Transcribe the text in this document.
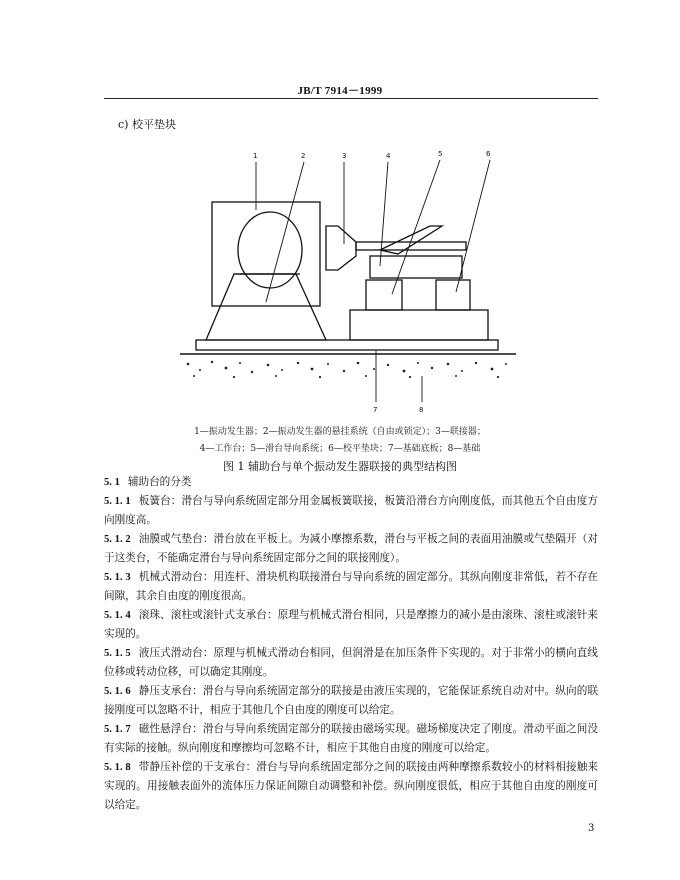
JB/T 7914－1999
c) 校平垫块
1	2	3	4	5	6
7	8
1—振动发生器；2—振动发生器的悬挂系统（自由或锁定）；3—联接器；
4—工作台；5—滑台导向系统；6—校平垫块；7—基础底板；8—基础
图 1 辅助台与单个振动发生器联接的典型结构图
5. 1 辅助台的分类
5. 1. 1 板簧台：滑台与导向系统固定部分用金属板簧联接，板簧沿滑台方向刚度低，而其他五个自由度方向刚度高。
5. 1. 2 油膜或气垫台：滑台放在平板上。为减小摩擦系数，滑台与平板之间的表面用油膜或气垫隔开（对于这类台，不能确定滑台与导向系统固定部分之间的联接刚度）。
5. 1. 3 机械式滑动台：用连杆、滑块机构联接滑台与导向系统的固定部分。其纵向刚度非常低，若不存在间隙，其余自由度的刚度很高。
5. 1. 4 滚珠、滚柱或滚针式支承台：原理与机械式滑台相同，只是摩擦力的减小是由滚珠、滚柱或滚针来实现的。
5. 1. 5 液压式滑动台：原理与机械式滑动台相同，但润滑是在加压条件下实现的。对于非常小的横向直线位移或转动位移，可以确定其刚度。
5. 1. 6 静压支承台：滑台与导向系统固定部分的联接是由液压实现的，它能保证系统自动对中。纵向的联接刚度可以忽略不计，相应于其他几个自由度的刚度可以给定。
5. 1. 7 磁性悬浮台：滑台与导向系统固定部分的联接由磁场实现。磁场梯度决定了刚度。滑动平面之间没有实际的接触。纵向刚度和摩擦均可忽略不计，相应于其他自由度的刚度可以给定。
5. 1. 8 带静压补偿的干支承台：滑台与导向系统固定部分之间的联接由两种摩擦系数较小的材料相接触来实现的。用接触表面外的流体压力保证间隙自动调整和补偿。纵向刚度很低，相应于其他自由度的刚度可以给定。
3
